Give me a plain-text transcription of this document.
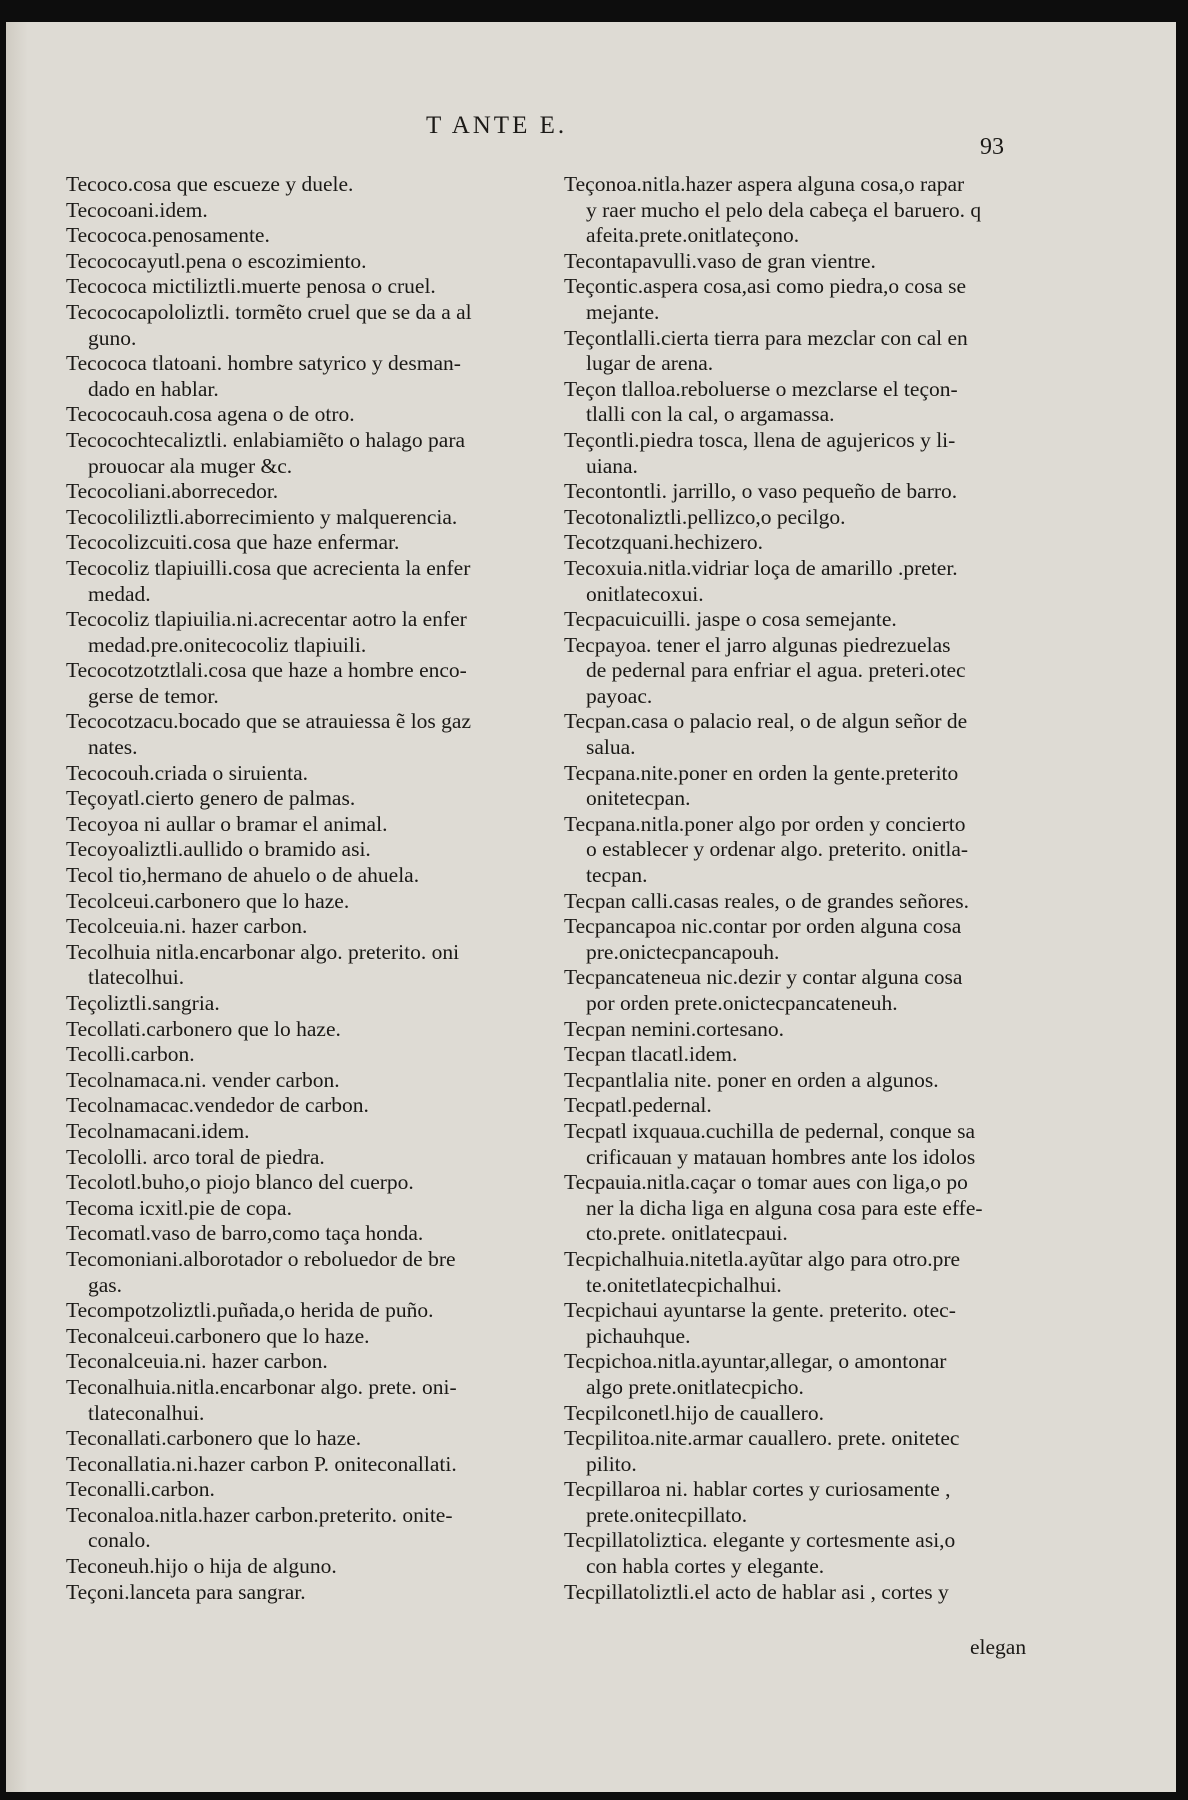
T ANTE E.
93

Tecoco.cosa que escueze y duele.

Tecocoani.idem.

Tecococa.penosamente.

Tecococayutl.pena o escozimiento.

Tecococa mictiliztli.muerte penosa o cruel.

Tecococapololiztli. tormẽto cruel que se da a al
guno.

Tecococa tlatoani. hombre satyrico y desman-
dado en hablar.

Tecococauh.cosa agena o de otro.

Tecocochtecaliztli. enlabiamiẽto o halago para
prouocar ala muger &c.

Tecocoliani.aborrecedor.

Tecocoliliztli.aborrecimiento y malquerencia.

Tecocolizcuiti.cosa que haze enfermar.

Tecocoliz tlapiuilli.cosa que acrecienta la enfer
medad.

Tecocoliz tlapiuilia.ni.acrecentar aotro la enfer
medad.pre.onitecocoliz tlapiuili.

Tecocotzotztlali.cosa que haze a hombre enco-
gerse de temor.

Tecocotzacu.bocado que se atrauiessa ẽ los gaz
nates.

Tecocouh.criada o siruienta.

Teçoyatl.cierto genero de palmas.

Tecoyoa ni aullar o bramar el animal.

Tecoyoaliztli.aullido o bramido asi.

Tecol tio,hermano de ahuelo o de ahuela.

Tecolceui.carbonero que lo haze.

Tecolceuia.ni. hazer carbon.

Tecolhuia nitla.encarbonar algo. preterito. oni
tlatecolhui.

Teçoliztli.sangria.

Tecollati.carbonero que lo haze.

Tecolli.carbon.

Tecolnamaca.ni. vender carbon.

Tecolnamacac.vendedor de carbon.

Tecolnamacani.idem.

Tecololli. arco toral de piedra.

Tecolotl.buho,o piojo blanco del cuerpo.

Tecoma icxitl.pie de copa.

Tecomatl.vaso de barro,como taça honda.

Tecomoniani.alborotador o reboluedor de bre
gas.

Tecompotzoliztli.puñada,o herida de puño.

Teconalceui.carbonero que lo haze.

Teconalceuia.ni. hazer carbon.

Teconalhuia.nitla.encarbonar algo. prete. oni-
tlateconalhui.

Teconallati.carbonero que lo haze.

Teconallatia.ni.hazer carbon P. oniteconallati.

Teconalli.carbon.

Teconaloa.nitla.hazer carbon.preterito. onite-
conalo.

Teconeuh.hijo o hija de alguno.

Teçoni.lanceta para sangrar.

Teçonoa.nitla.hazer aspera alguna cosa,o rapar
y raer mucho el pelo dela cabeça el baruero. q
afeita.prete.onitlateçono.

Tecontapavulli.vaso de gran vientre.

Teçontic.aspera cosa,asi como piedra,o cosa se
mejante.

Teçontlalli.cierta tierra para mezclar con cal en
lugar de arena.

Teçon tlalloa.reboluerse o mezclarse el teçon-
tlalli con la cal, o argamassa.

Teçontli.piedra tosca, llena de agujericos y li-
uiana.

Tecontontli. jarrillo, o vaso pequeño de barro.

Tecotonaliztli.pellizco,o pecilgo.

Tecotzquani.hechizero.

Tecoxuia.nitla.vidriar loça de amarillo .preter.
onitlatecoxui.

Tecpacuicuilli. jaspe o cosa semejante.

Tecpayoa. tener el jarro algunas piedrezuelas
de pedernal para enfriar el agua. preteri.otec
payoac.

Tecpan.casa o palacio real, o de algun señor de
salua.

Tecpana.nite.poner en orden la gente.preterito
onitetecpan.

Tecpana.nitla.poner algo por orden y concierto
o establecer y ordenar algo. preterito. onitla-
tecpan.

Tecpan calli.casas reales, o de grandes señores.

Tecpancapoa nic.contar por orden alguna cosa
pre.onictecpancapouh.

Tecpancateneua nic.dezir y contar alguna cosa
por orden prete.onictecpancateneuh.

Tecpan nemini.cortesano.

Tecpan tlacatl.idem.

Tecpantlalia nite. poner en orden a algunos.

Tecpatl.pedernal.

Tecpatl ixquaua.cuchilla de pedernal, conque sa
crificauan y matauan hombres ante los idolos

Tecpauia.nitla.caçar o tomar aues con liga,o po
ner la dicha liga en alguna cosa para este effe-
cto.prete. onitlatecpaui.

Tecpichalhuia.nitetla.ayũtar algo para otro.pre
te.onitetlatecpichalhui.

Tecpichaui ayuntarse la gente. preterito. otec-
pichauhque.

Tecpichoa.nitla.ayuntar,allegar, o amontonar
algo prete.onitlatecpicho.

Tecpilconetl.hijo de cauallero.

Tecpilitoa.nite.armar cauallero. prete. onitetec
pilito.

Tecpillaroa ni. hablar cortes y curiosamente ,
prete.onitecpillato.

Tecpillatoliztica. elegante y cortesmente asi,o
con habla cortes y elegante.

Tecpillatoliztli.el acto de hablar asi , cortes y

elegan
